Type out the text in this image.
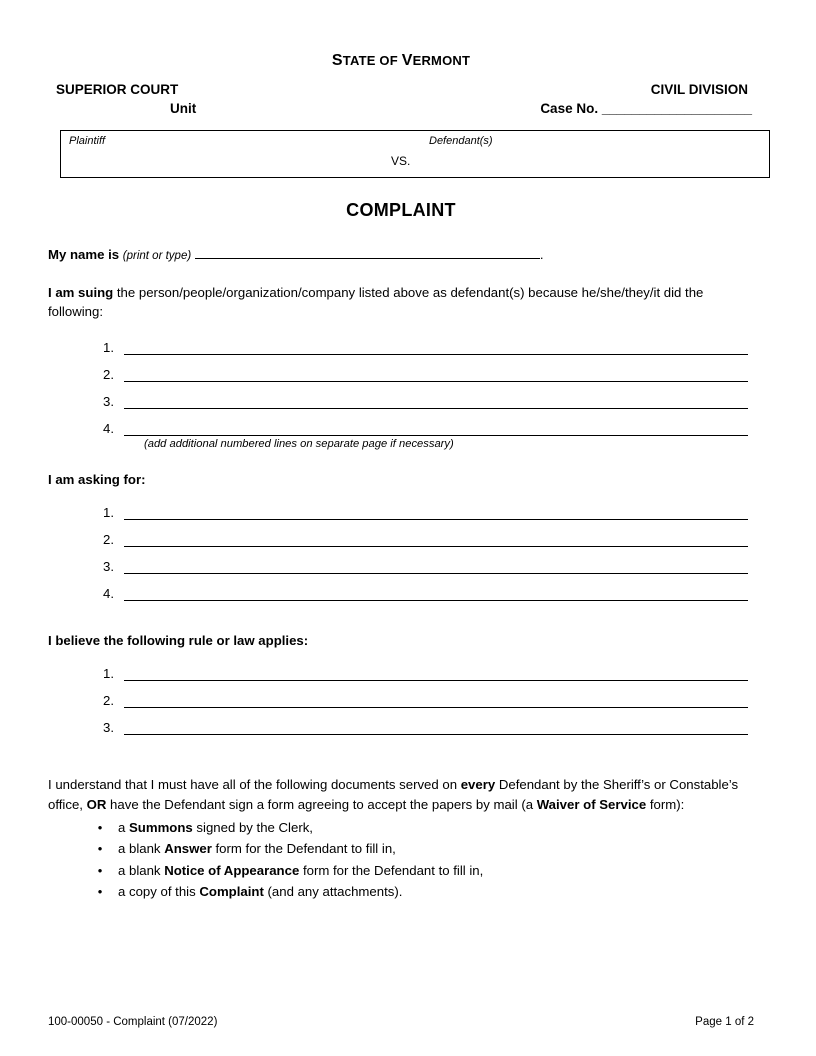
STATE OF VERMONT
SUPERIOR COURT	CIVIL DIVISION
Unit	Case No. ____________________
Plaintiff	Defendant(s)
VS.
COMPLAINT
My name is (print or type)	.
I am suing the person/people/organization/company listed above as defendant(s) because he/she/they/it did the following:
1.
2.
3.
4.
(add additional numbered lines on separate page if necessary)
I am asking for:
1.
2.
3.
4.
I believe the following rule or law applies:
1.
2.
3.
I understand that I must have all of the following documents served on every Defendant by the Sheriff’s or Constable’s office, OR have the Defendant sign a form agreeing to accept the papers by mail (a Waiver of Service form):
•	a Summons signed by the Clerk,
•	a blank Answer form for the Defendant to fill in,
•	a blank Notice of Appearance form for the Defendant to fill in,
•	a copy of this Complaint (and any attachments).
100-00050 - Complaint (07/2022)	Page 1 of 2
